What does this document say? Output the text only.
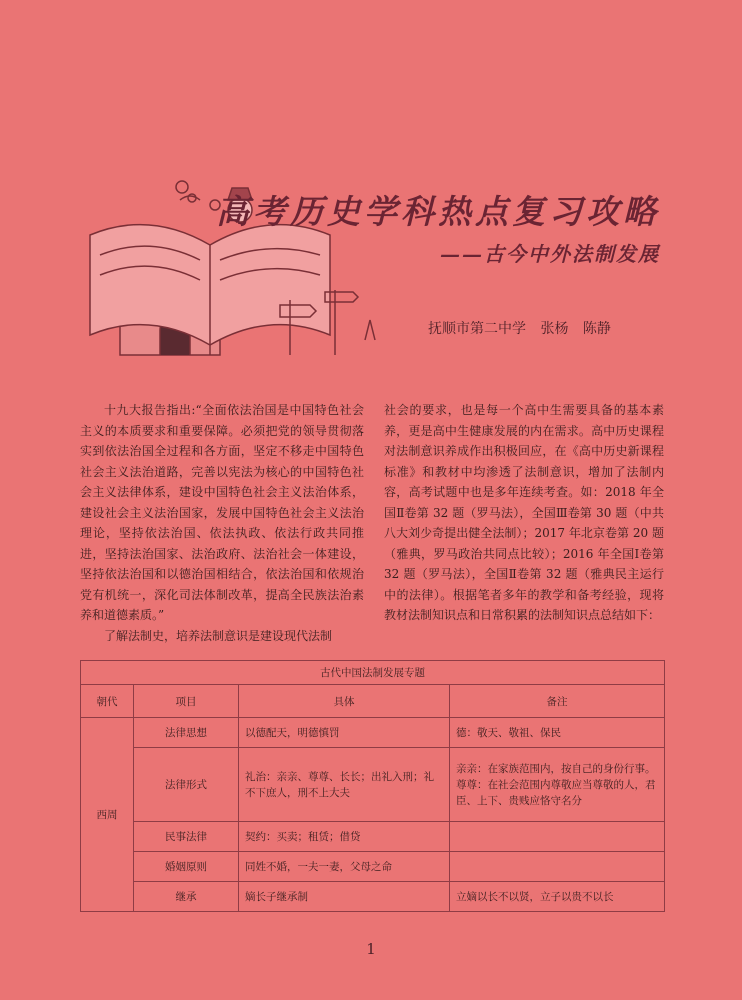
高考历史学科热点复习攻略
——古今中外法制发展
抚顺市第二中学 张杨 陈静

十九大报告指出:“全面依法治国是中国特色社会主义的本质要求和重要保障。必须把党的领导贯彻落实到依法治国全过程和各方面，坚定不移走中国特色社会主义法治道路，完善以宪法为核心的中国特色社会主义法律体系，建设中国特色社会主义法治体系，建设社会主义法治国家，发展中国特色社会主义法治理论，坚持依法治国、依法执政、依法行政共同推进，坚持法治国家、法治政府、法治社会一体建设，坚持依法治国和以德治国相结合，依法治国和依规治党有机统一，深化司法体制改革，提高全民族法治素养和道德素质。”

了解法制史，培养法制意识是建设现代法制

社会的要求，也是每一个高中生需要具备的基本素养，更是高中生健康发展的内在需求。高中历史课程对法制意识养成作出积极回应，在《高中历史新课程标准》和教材中均渗透了法制意识，增加了法制内容，高考试题中也是多年连续考查。如：2018 年全国Ⅱ卷第 32 题（罗马法），全国Ⅲ卷第 30 题（中共八大刘少奇提出健全法制）；2017 年北京卷第 20 题（雅典，罗马政治共同点比较）；2016 年全国Ⅰ卷第 32 题（罗马法），全国Ⅱ卷第 32 题（雅典民主运行中的法律）。根据笔者多年的教学和备考经验，现将教材法制知识点和日常积累的法制知识点总结如下：

古代中国法制发展专题			
朝代	项目	具体	备注
西周	法律思想	以德配天，明德慎罚	德：敬天、敬祖、保民
	法律形式	礼治：亲亲、尊尊、长长；出礼入刑；礼不下庶人，刑不上大夫	亲亲：在家族范围内，按自己的身份行事。尊尊：在社会范围内尊敬应当尊敬的人，君臣、上下、贵贱应恪守名分
	民事法律	契约：买卖；租赁；借贷	
	婚姻原则	同姓不婚，一夫一妻，父母之命	
	继承	嫡长子继承制	立嫡以长不以贤，立子以贵不以长
1
